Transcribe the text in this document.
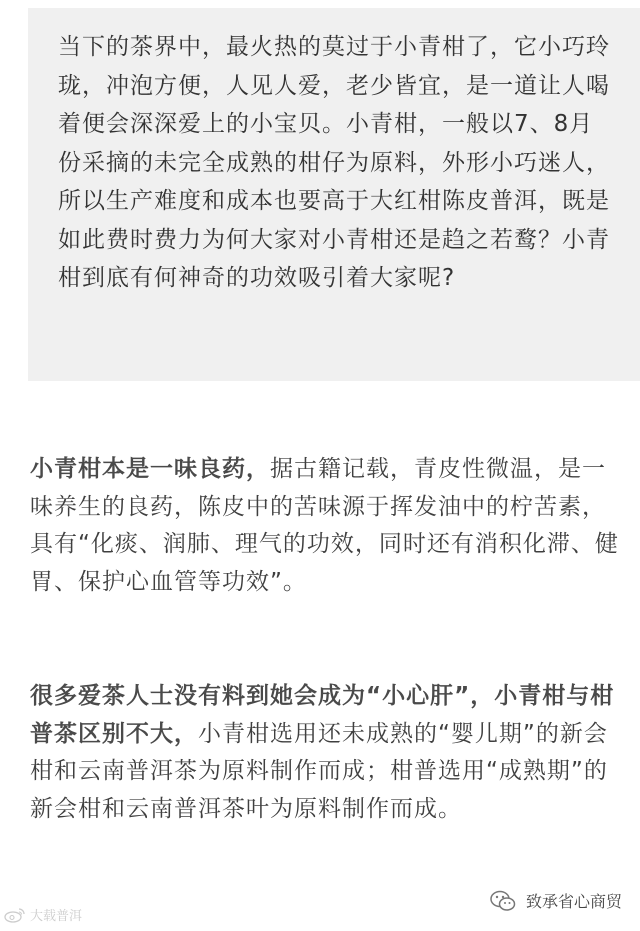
当下的茶界中，最火热的莫过于小青柑了，它小巧玲珑，冲泡方便，人见人爱，老少皆宜，是一道让人喝着便会深深爱上的小宝贝。小青柑，一般以7、8月份采摘的未完全成熟的柑仔为原料，外形小巧迷人，所以生产难度和成本也要高于大红柑陈皮普洱，既是如此费时费力为何大家对小青柑还是趋之若鹜？小青柑到底有何神奇的功效吸引着大家呢?

小青柑本是一味良药，据古籍记载，青皮性微温，是一味养生的良药，陈皮中的苦味源于挥发油中的柠苦素，具有“化痰、润肺、理气的功效，同时还有消积化滞、健胃、保护心血管等功效”。

很多爱茶人士没有料到她会成为“小心肝”，小青柑与柑普茶区别不大，小青柑选用还未成熟的“婴儿期”的新会柑和云南普洱茶为原料制作而成；柑普选用“成熟期”的新会柑和云南普洱茶叶为原料制作而成。

大载普洱
致承省心商贸
